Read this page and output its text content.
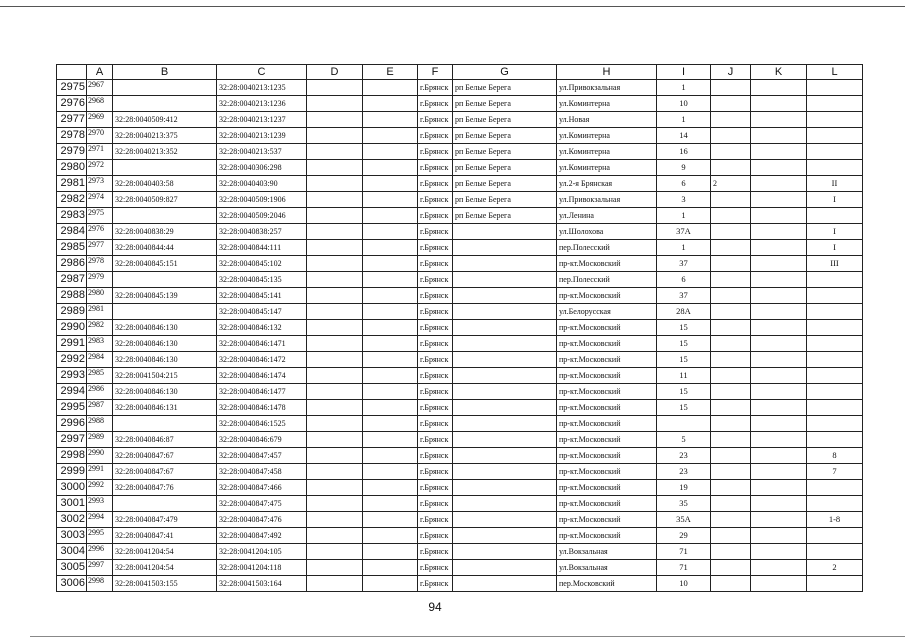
	A	B	C	D	E	F	G	H	I	J	K	L
2975	2967		32:28:0040213:1235			г.Брянск	рп Белые Берега	ул.Привокзальная	1			
2976	2968		32:28:0040213:1236			г.Брянск	рп Белые Берега	ул.Коминтерна	10			
2977	2969	32:28:0040509:412	32:28:0040213:1237			г.Брянск	рп Белые Берега	ул.Новая	1			
2978	2970	32:28:0040213:375	32:28:0040213:1239			г.Брянск	рп Белые Берега	ул.Коминтерна	14			
2979	2971	32:28:0040213:352	32:28:0040213:537			г.Брянск	рп Белые Берега	ул.Коминтерна	16			
2980	2972		32:28:0040306:298			г.Брянск	рп Белые Берега	ул.Коминтерна	9			
2981	2973	32:28:0040403:58	32:28:0040403:90			г.Брянск	рп Белые Берега	ул.2-я Брянская	6	2		II
2982	2974	32:28:0040509:827	32:28:0040509:1906			г.Брянск	рп Белые Берега	ул.Привокзальная	3			I
2983	2975		32:28:0040509:2046			г.Брянск	рп Белые Берега	ул.Ленина	1			
2984	2976	32:28:0040838:29	32:28:0040838:257			г.Брянск		ул.Шолохова	37А			I
2985	2977	32:28:0040844:44	32:28:0040844:111			г.Брянск		пер.Полесский	1			I
2986	2978	32:28:0040845:151	32:28:0040845:102			г.Брянск		пр-кт.Московский	37			III
2987	2979		32:28:0040845:135			г.Брянск		пер.Полесский	6			
2988	2980	32:28:0040845:139	32:28:0040845:141			г.Брянск		пр-кт.Московский	37			
2989	2981		32:28:0040845:147			г.Брянск		ул.Белорусская	28А			
2990	2982	32:28:0040846:130	32:28:0040846:132			г.Брянск		пр-кт.Московский	15			
2991	2983	32:28:0040846:130	32:28:0040846:1471			г.Брянск		пр-кт.Московский	15			
2992	2984	32:28:0040846:130	32:28:0040846:1472			г.Брянск		пр-кт.Московский	15			
2993	2985	32:28:0041504:215	32:28:0040846:1474			г.Брянск		пр-кт.Московский	11			
2994	2986	32:28:0040846:130	32:28:0040846:1477			г.Брянск		пр-кт.Московский	15			
2995	2987	32:28:0040846:131	32:28:0040846:1478			г.Брянск		пр-кт.Московский	15			
2996	2988		32:28:0040846:1525			г.Брянск		пр-кт.Московский				
2997	2989	32:28:0040846:87	32:28:0040846:679			г.Брянск		пр-кт.Московский	5			
2998	2990	32:28:0040847:67	32:28:0040847:457			г.Брянск		пр-кт.Московский	23			8
2999	2991	32:28:0040847:67	32:28:0040847:458			г.Брянск		пр-кт.Московский	23			7
3000	2992	32:28:0040847:76	32:28:0040847:466			г.Брянск		пр-кт.Московский	19			
3001	2993		32:28:0040847:475			г.Брянск		пр-кт.Московский	35			
3002	2994	32:28:0040847:479	32:28:0040847:476			г.Брянск		пр-кт.Московский	35А			1-8
3003	2995	32:28:0040847:41	32:28:0040847:492			г.Брянск		пр-кт.Московский	29			
3004	2996	32:28:0041204:54	32:28:0041204:105			г.Брянск		ул.Вокзальная	71			
3005	2997	32:28:0041204:54	32:28:0041204:118			г.Брянск		ул.Вокзальная	71			2
3006	2998	32:28:0041503:155	32:28:0041503:164			г.Брянск		пер.Московский	10			
94
